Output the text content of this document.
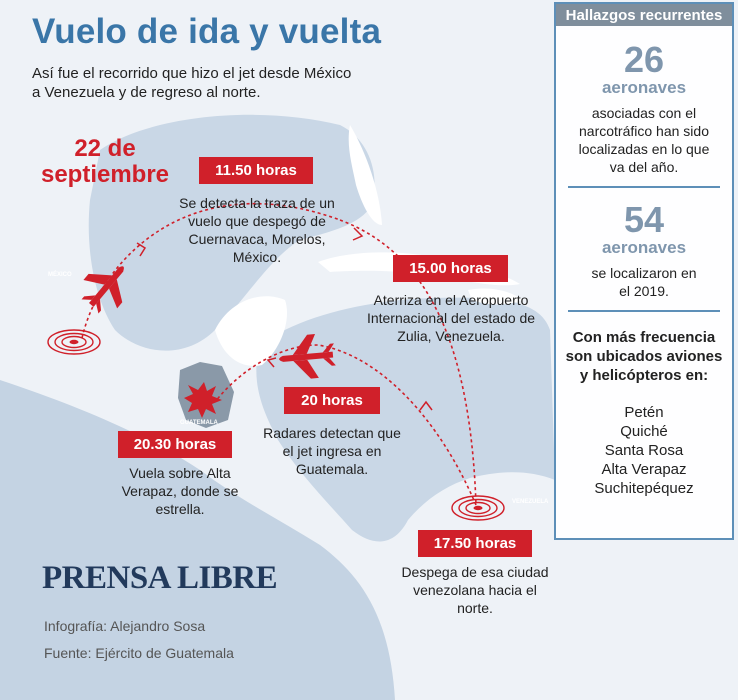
MÉXICO
GUATEMALA
VENEZUELA
Vuelo de ida y vuelta

Así fue el recorrido que hizo el jet desde México a Venezuela y de regreso al norte.

22 de septiembre	11.50 horas
Se detecta la traza de un vuelo que despegó de Cuernavaca, Morelos, México.
15.00 horas
Aterriza en el Aeropuerto Internacional del estado de Zulia, Venezuela.
17.50 horas
Despega de esa ciudad venezolana hacia el norte.
20 horas
Radares detectan que el jet ingresa en Guatemala.
20.30 horas
Vuela sobre Alta Verapaz, donde se estrella.
PRENSA LIBRE
Infografía: Alejandro Sosa
Fuente: Ejército de Guatemala
Hallazgos recurrentes
26
aeronaves
asociadas con el narcotráfico han sido localizadas en lo que va del año.
54
aeronaves
se localizaron en el 2019.
Con más frecuencia son ubicados aviones y helicópteros en:
Petén
Quiché
Santa Rosa
Alta Verapaz
Suchitepéquez
